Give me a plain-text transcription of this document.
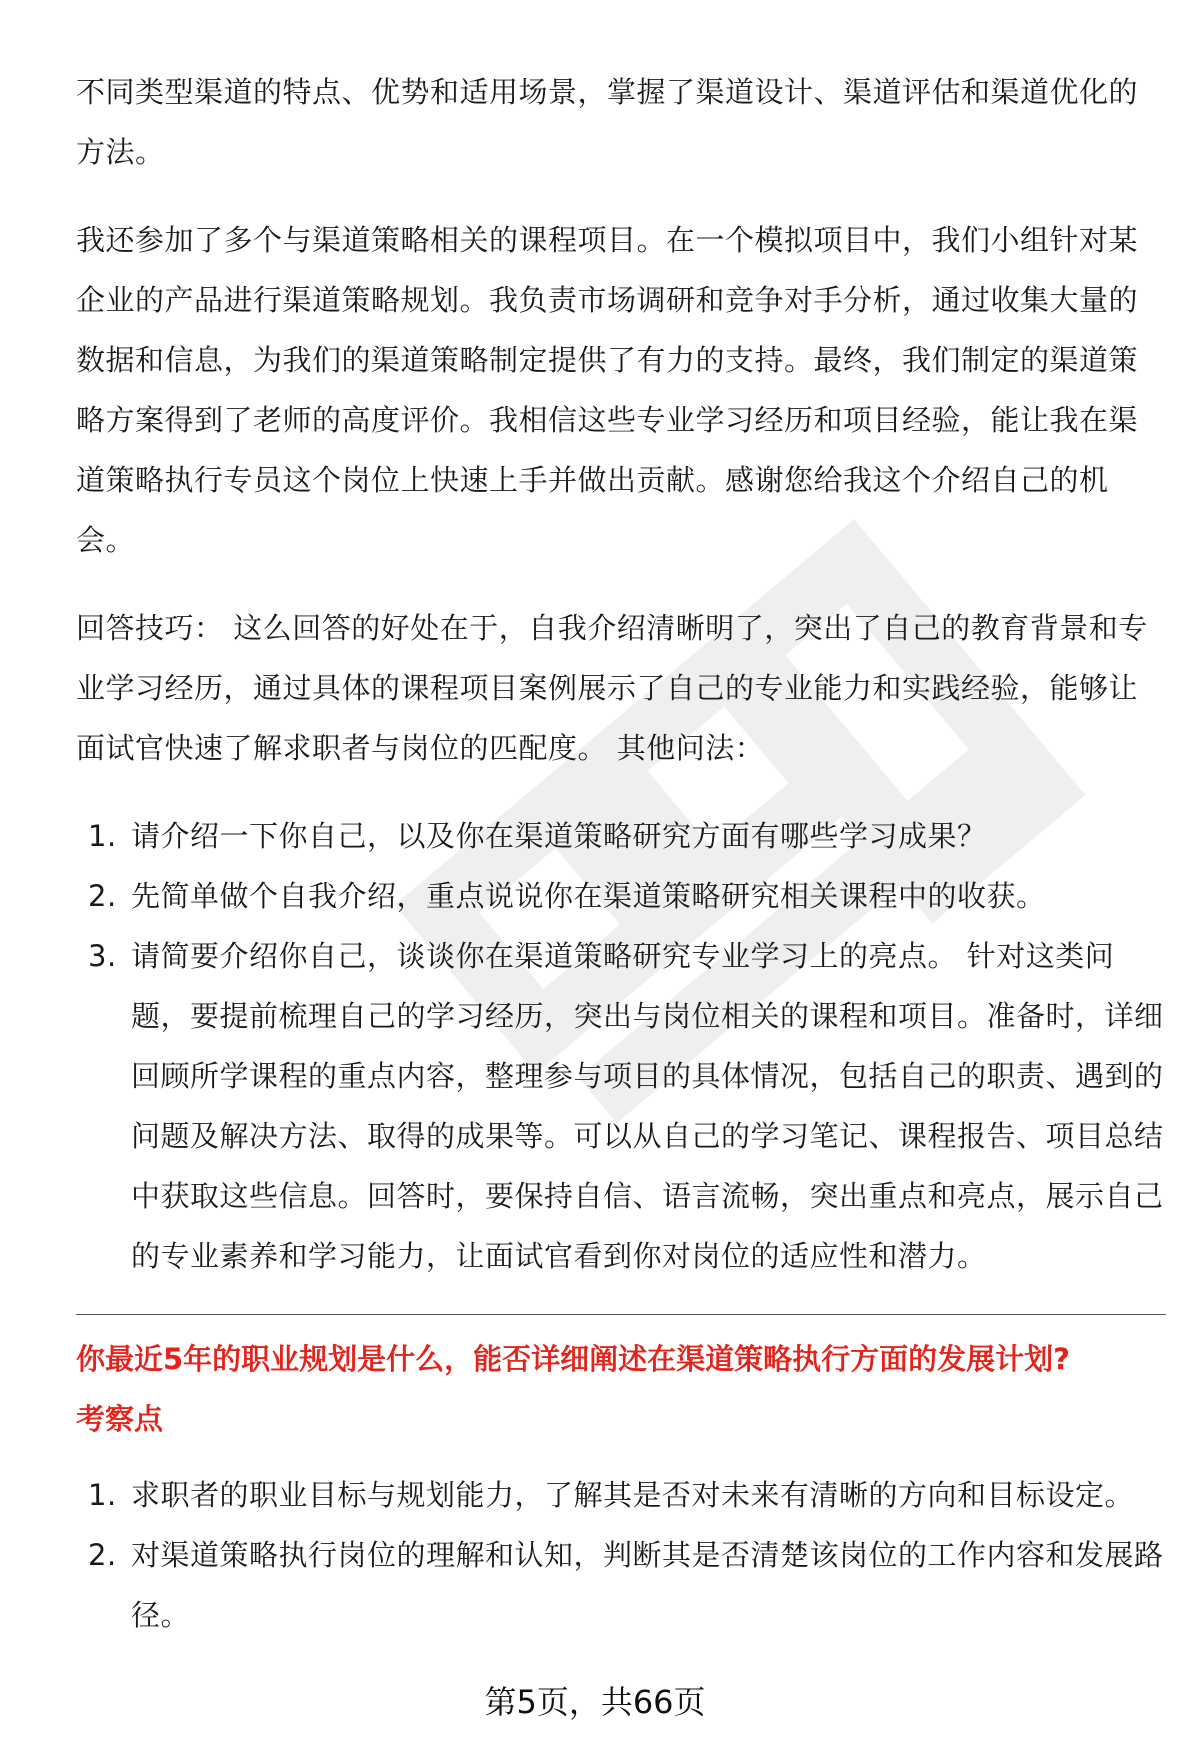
不同类型渠道的特点、优势和适用场景，掌握了渠道设计、渠道评估和渠道优化的方法。

我还参加了多个与渠道策略相关的课程项目。在一个模拟项目中，我们小组针对某企业的产品进行渠道策略规划。我负责市场调研和竞争对手分析，通过收集大量的数据和信息，为我们的渠道策略制定提供了有力的支持。最终，我们制定的渠道策略方案得到了老师的高度评价。我相信这些专业学习经历和项目经验，能让我在渠道策略执行专员这个岗位上快速上手并做出贡献。感谢您给我这个介绍自己的机会。

回答技巧： 这么回答的好处在于，自我介绍清晰明了，突出了自己的教育背景和专业学习经历，通过具体的课程项目案例展示了自己的专业能力和实践经验，能够让面试官快速了解求职者与岗位的匹配度。 其他问法：

1. 请介绍一下你自己，以及你在渠道策略研究方面有哪些学习成果？
2. 先简单做个自我介绍，重点说说你在渠道策略研究相关课程中的收获。
3. 请简要介绍你自己，谈谈你在渠道策略研究专业学习上的亮点。 针对这类问题，要提前梳理自己的学习经历，突出与岗位相关的课程和项目。准备时，详细回顾所学课程的重点内容，整理参与项目的具体情况，包括自己的职责、遇到的问题及解决方法、取得的成果等。可以从自己的学习笔记、课程报告、项目总结中获取这些信息。回答时，要保持自信、语言流畅，突出重点和亮点，展示自己的专业素养和学习能力，让面试官看到你对岗位的适应性和潜力。
你最近5年的职业规划是什么，能否详细阐述在渠道策略执行方面的发展计划?
考察点
1. 求职者的职业目标与规划能力，了解其是否对未来有清晰的方向和目标设定。
2. 对渠道策略执行岗位的理解和认知，判断其是否清楚该岗位的工作内容和发展路径。
第5页，共66页
